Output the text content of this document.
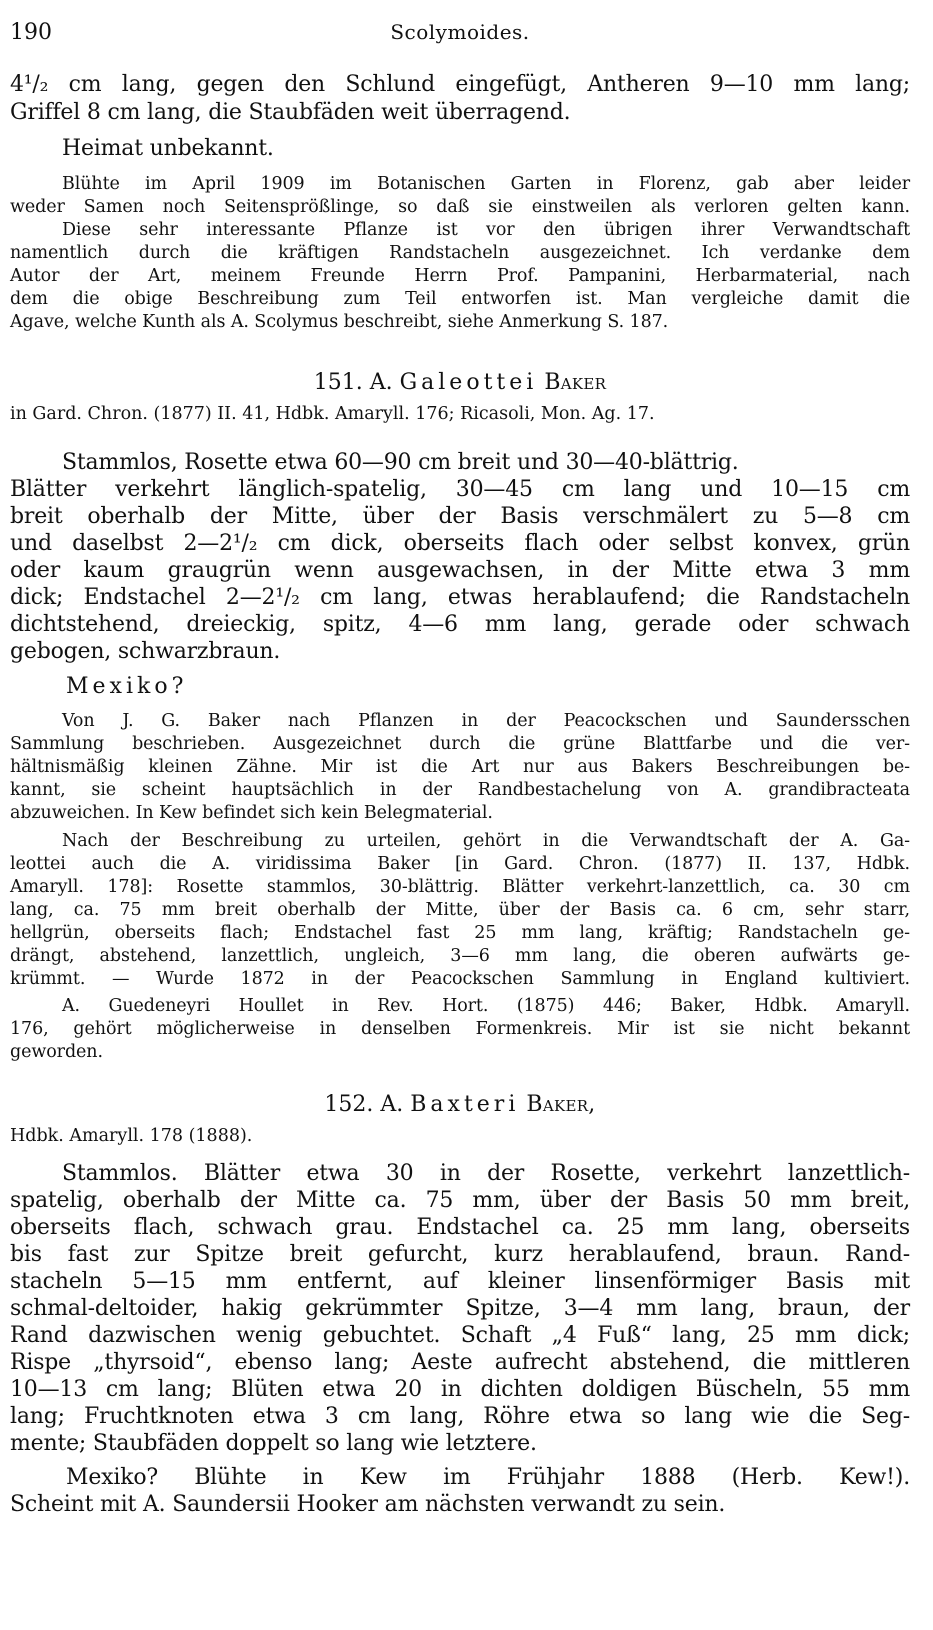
190	Scolymoides.
4¹/₂ cm lang, gegen den Schlund eingefügt, Antheren 9—10 mm lang;
Griffel 8 cm lang, die Staubfäden weit überragend.
Heimat unbekannt.
Blühte im April 1909 im Botanischen Garten in Florenz, gab aber leider
weder Samen noch Seitensprößlinge, so daß sie einstweilen als verloren gelten kann.
Diese sehr interessante Pflanze ist vor den übrigen ihrer Verwandtschaft
namentlich durch die kräftigen Randstacheln ausgezeichnet. Ich verdanke dem
Autor der Art, meinem Freunde Herrn Prof. Pampanini, Herbarmaterial, nach
dem die obige Beschreibung zum Teil entworfen ist. Man vergleiche damit die
Agave, welche Kunth als A. Scolymus beschreibt, siehe Anmerkung S. 187.
151. A. Galeottei Baker
in Gard. Chron. (1877) II. 41, Hdbk. Amaryll. 176; Ricasoli, Mon. Ag. 17.
Stammlos, Rosette etwa 60—90 cm breit und 30—40-blättrig.
Blätter verkehrt länglich-spatelig, 30—45 cm lang und 10—15 cm
breit oberhalb der Mitte, über der Basis verschmälert zu 5—8 cm
und daselbst 2—2¹/₂ cm dick, oberseits flach oder selbst konvex, grün
oder kaum graugrün wenn ausgewachsen, in der Mitte etwa 3 mm
dick; Endstachel 2—2¹/₂ cm lang, etwas herablaufend; die Randstacheln
dichtstehend, dreieckig, spitz, 4—6 mm lang, gerade oder schwach
gebogen, schwarzbraun.
Mexiko?
Von J. G. Baker nach Pflanzen in der Peacockschen und Saundersschen
Sammlung beschrieben. Ausgezeichnet durch die grüne Blattfarbe und die ver-
hältnismäßig kleinen Zähne. Mir ist die Art nur aus Bakers Beschreibungen be-
kannt, sie scheint hauptsächlich in der Randbestachelung von A. grandibracteata
abzuweichen. In Kew befindet sich kein Belegmaterial.
Nach der Beschreibung zu urteilen, gehört in die Verwandtschaft der A. Ga-
leottei auch die A. viridissima Baker [in Gard. Chron. (1877) II. 137, Hdbk.
Amaryll. 178]: Rosette stammlos, 30-blättrig. Blätter verkehrt-lanzettlich, ca. 30 cm
lang, ca. 75 mm breit oberhalb der Mitte, über der Basis ca. 6 cm, sehr starr,
hellgrün, oberseits flach; Endstachel fast 25 mm lang, kräftig; Randstacheln ge-
drängt, abstehend, lanzettlich, ungleich, 3—6 mm lang, die oberen aufwärts ge-
krümmt. — Wurde 1872 in der Peacockschen Sammlung in England kultiviert.
A. Guedeneyri Houllet in Rev. Hort. (1875) 446; Baker, Hdbk. Amaryll.
176, gehört möglicherweise in denselben Formenkreis. Mir ist sie nicht bekannt
geworden.
152. A. Baxteri Baker,
Hdbk. Amaryll. 178 (1888).
Stammlos. Blätter etwa 30 in der Rosette, verkehrt lanzettlich-
spatelig, oberhalb der Mitte ca. 75 mm, über der Basis 50 mm breit,
oberseits flach, schwach grau. Endstachel ca. 25 mm lang, oberseits
bis fast zur Spitze breit gefurcht, kurz herablaufend, braun. Rand-
stacheln 5—15 mm entfernt, auf kleiner linsenförmiger Basis mit
schmal-deltoider, hakig gekrümmter Spitze, 3—4 mm lang, braun, der
Rand dazwischen wenig gebuchtet. Schaft „4 Fuß“ lang, 25 mm dick;
Rispe „thyrsoid“, ebenso lang; Aeste aufrecht abstehend, die mittleren
10—13 cm lang; Blüten etwa 20 in dichten doldigen Büscheln, 55 mm
lang; Fruchtknoten etwa 3 cm lang, Röhre etwa so lang wie die Seg-
mente; Staubfäden doppelt so lang wie letztere.
Mexiko? Blühte in Kew im Frühjahr 1888 (Herb. Kew!).
Scheint mit A. Saundersii Hooker am nächsten verwandt zu sein.
